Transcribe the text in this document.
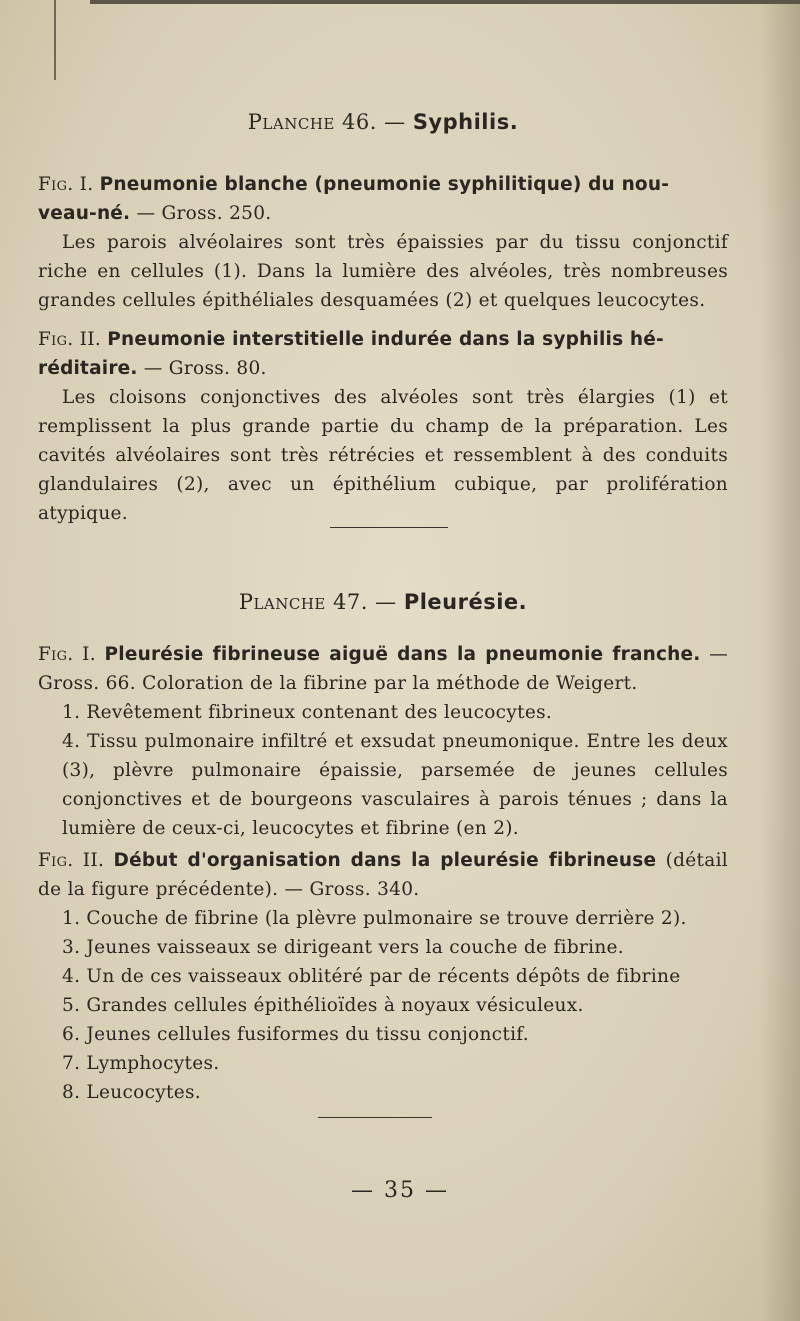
Planche 46. — Syphilis.
Fig. I. Pneumonie blanche (pneumonie syphilitique) du nou-
veau-né. — Gross. 250.

Les parois alvéolaires sont très épaissies par du tissu conjonctif riche en cellules (1). Dans la lumière des alvéoles, très nombreuses grandes cellules épithéliales desquamées (2) et quelques leucocytes.

Fig. II. Pneumonie interstitielle indurée dans la syphilis hé-
réditaire. — Gross. 80.

Les cloisons conjonctives des alvéoles sont très élargies (1) et remplissent la plus grande partie du champ de la préparation. Les cavités alvéolaires sont très rétrécies et ressemblent à des conduits glandulaires (2), avec un épithélium cubique, par prolifération atypique.

Planche 47. — Pleurésie.
Fig. I. Pleurésie fibrineuse aiguë dans la pneumonie franche. — Gross. 66. Coloration de la fibrine par la méthode de Weigert.

1. Revêtement fibrineux contenant des leucocytes.

4. Tissu pulmonaire infiltré et exsudat pneumonique. Entre les deux (3), plèvre pulmonaire épaissie, parsemée de jeunes cellules conjonctives et de bourgeons vasculaires à parois ténues ; dans la lumière de ceux-ci, leucocytes et fibrine (en 2).

Fig. II. Début d'organisation dans la pleurésie fibrineuse (détail de la figure précédente). — Gross. 340.

1. Couche de fibrine (la plèvre pulmonaire se trouve derrière 2).

3. Jeunes vaisseaux se dirigeant vers la couche de fibrine.

4. Un de ces vaisseaux oblitéré par de récents dépôts de fibrine

5. Grandes cellules épithélioïdes à noyaux vésiculeux.

6. Jeunes cellules fusiformes du tissu conjonctif.

7. Lymphocytes.

8. Leucocytes.

— 35 —
